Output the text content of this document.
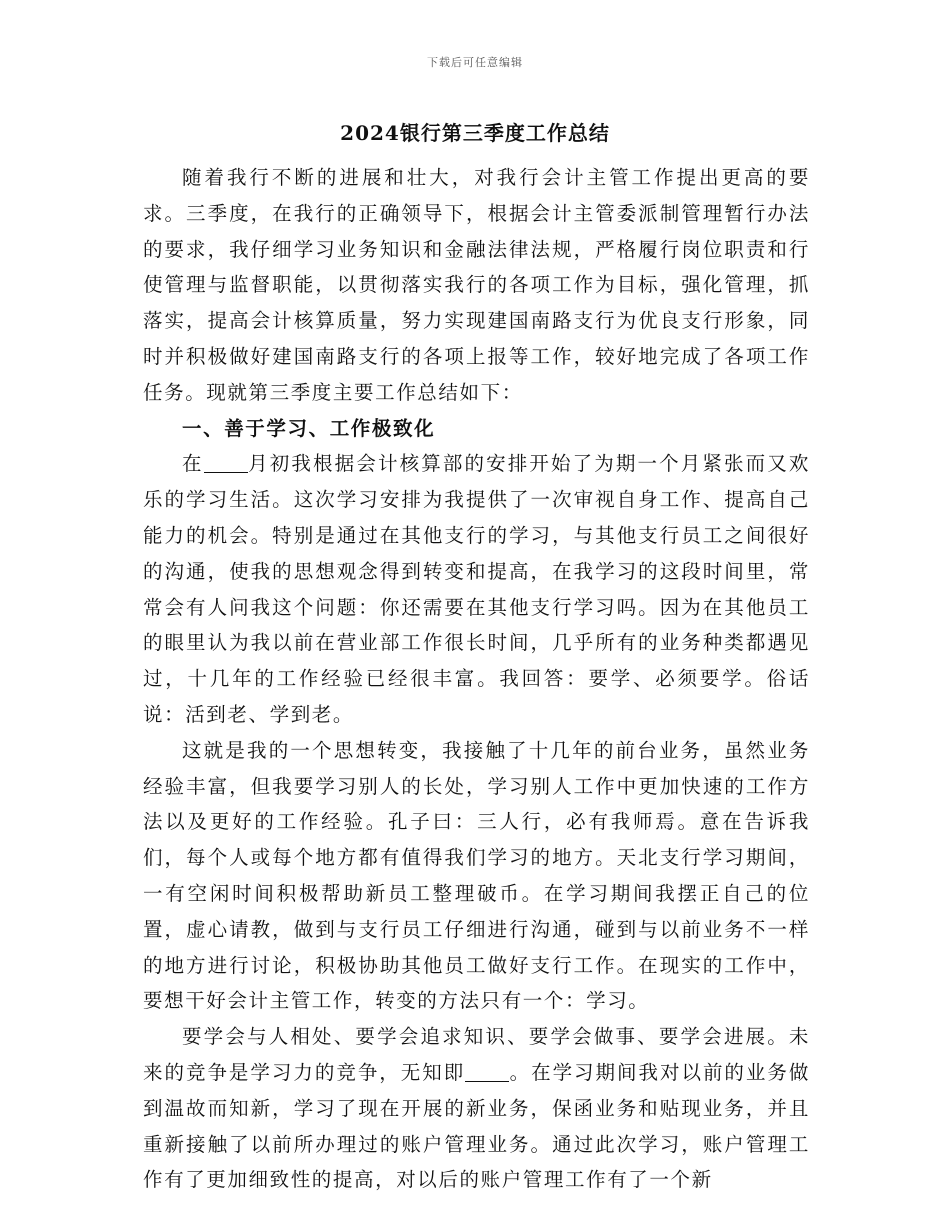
下载后可任意编辑
2024银行第三季度工作总结

随着我行不断的进展和壮大，对我行会计主管工作提出更高的要求。三季度，在我行的正确领导下，根据会计主管委派制管理暂行办法的要求，我仔细学习业务知识和金融法律法规，严格履行岗位职责和行使管理与监督职能，以贯彻落实我行的各项工作为目标，强化管理，抓落实，提高会计核算质量，努力实现建国南路支行为优良支行形象，同时并积极做好建国南路支行的各项上报等工作，较好地完成了各项工作任务。现就第三季度主要工作总结如下：

一、善于学习、工作极致化

在 月初我根据会计核算部的安排开始了为期一个月紧张而又欢乐的学习生活。这次学习安排为我提供了一次审视自身工作、提高自己能力的机会。特别是通过在其他支行的学习，与其他支行员工之间很好的沟通，使我的思想观念得到转变和提高，在我学习的这段时间里，常常会有人问我这个问题：你还需要在其他支行学习吗。因为在其他员工的眼里认为我以前在营业部工作很长时间，几乎所有的业务种类都遇见过，十几年的工作经验已经很丰富。我回答：要学、必须要学。俗话说：活到老、学到老。

这就是我的一个思想转变，我接触了十几年的前台业务，虽然业务经验丰富，但我要学习别人的长处，学习别人工作中更加快速的工作方法以及更好的工作经验。孔子曰：三人行，必有我师焉。意在告诉我们，每个人或每个地方都有值得我们学习的地方。天北支行学习期间，一有空闲时间积极帮助新员工整理破币。在学习期间我摆正自己的位置，虚心请教，做到与支行员工仔细进行沟通，碰到与以前业务不一样的地方进行讨论，积极协助其他员工做好支行工作。在现实的工作中，要想干好会计主管工作，转变的方法只有一个：学习。

要学会与人相处、要学会追求知识、要学会做事、要学会进展。未来的竞争是学习力的竞争，无知即 。在学习期间我对以前的业务做到温故而知新，学习了现在开展的新业务，保函业务和贴现业务，并且重新接触了以前所办理过的账户管理业务。通过此次学习，账户管理工作有了更加细致性的提高，对以后的账户管理工作有了一个新
